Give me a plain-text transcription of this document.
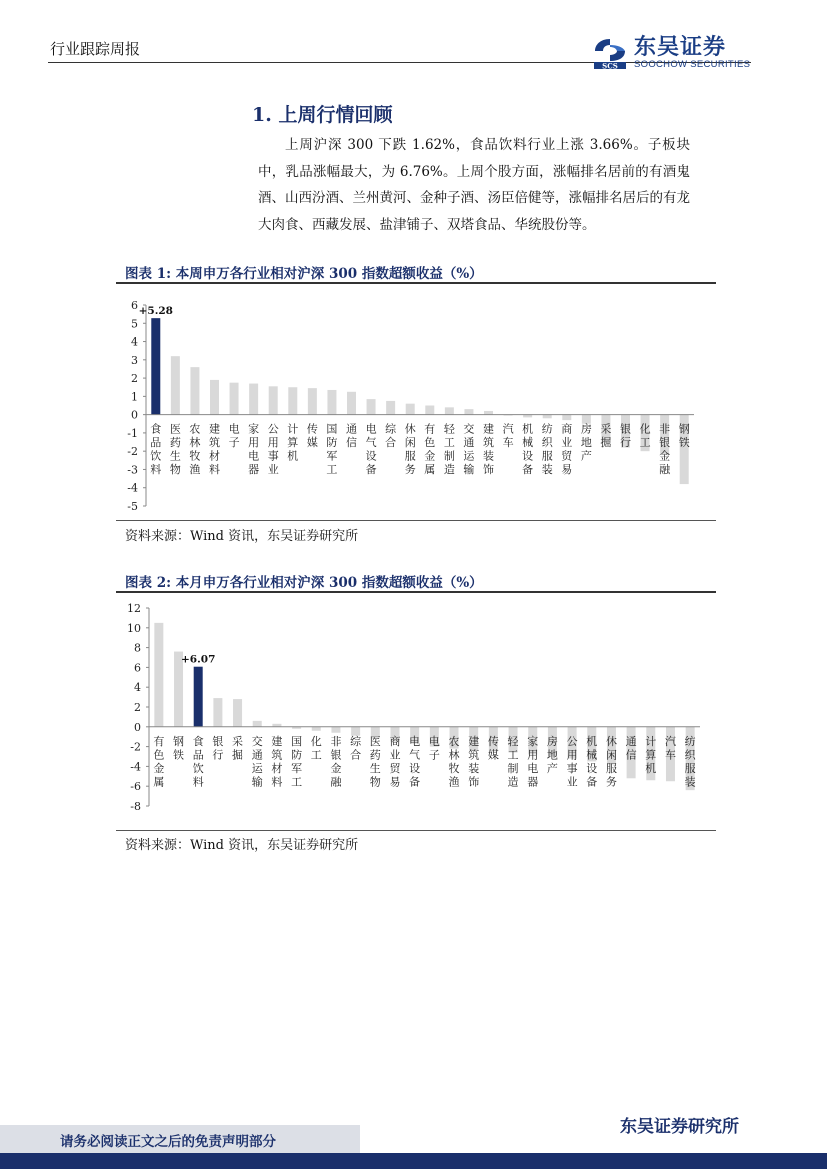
行业跟踪周报
SCS
东吴证券
SOOCHOW SECURITIES
1. 上周行情回顾
上周沪深 300 下跌 1.62%，食品饮料行业上涨 3.66%。子板块中，乳品涨幅最大，为 6.76%。上周个股方面，涨幅排名居前的有酒鬼酒、山西汾酒、兰州黄河、金种子酒、汤臣倍健等，涨幅排名居后的有龙大肉食、西藏发展、盐津铺子、双塔食品、华统股份等。
图表 1: 本周申万各行业相对沪深 300 指数超额收益（%）
6
5
4
3
2
1
0
-1
-2
-3
-4
-5
食品饮料
医药生物
农林牧渔
建筑材料
电子
家用电器
公用事业
计算机
传媒
国防军工
通信
电气设备
综合
休闲服务
有色金属
轻工制造
交通运输
建筑装饰
汽车
机械设备
纺织服装
商业贸易
房地产
采掘
银行
化工
非银金融
钢铁
+5.28
资料来源：Wind 资讯，东吴证券研究所
图表 2: 本月申万各行业相对沪深 300 指数超额收益（%）
12
10
8
6
4
2
0
-2
-4
-6
-8
有色金属
钢铁
食品饮料
银行
采掘
交通运输
建筑材料
国防军工
化工
非银金融
综合
医药生物
商业贸易
电气设备
电子
农林牧渔
建筑装饰
传媒
轻工制造
家用电器
房地产
公用事业
机械设备
休闲服务
通信
计算机
汽车
纺织服装
+6.07
资料来源：Wind 资讯，东吴证券研究所
东吴证券研究所
请务必阅读正文之后的免责声明部分
